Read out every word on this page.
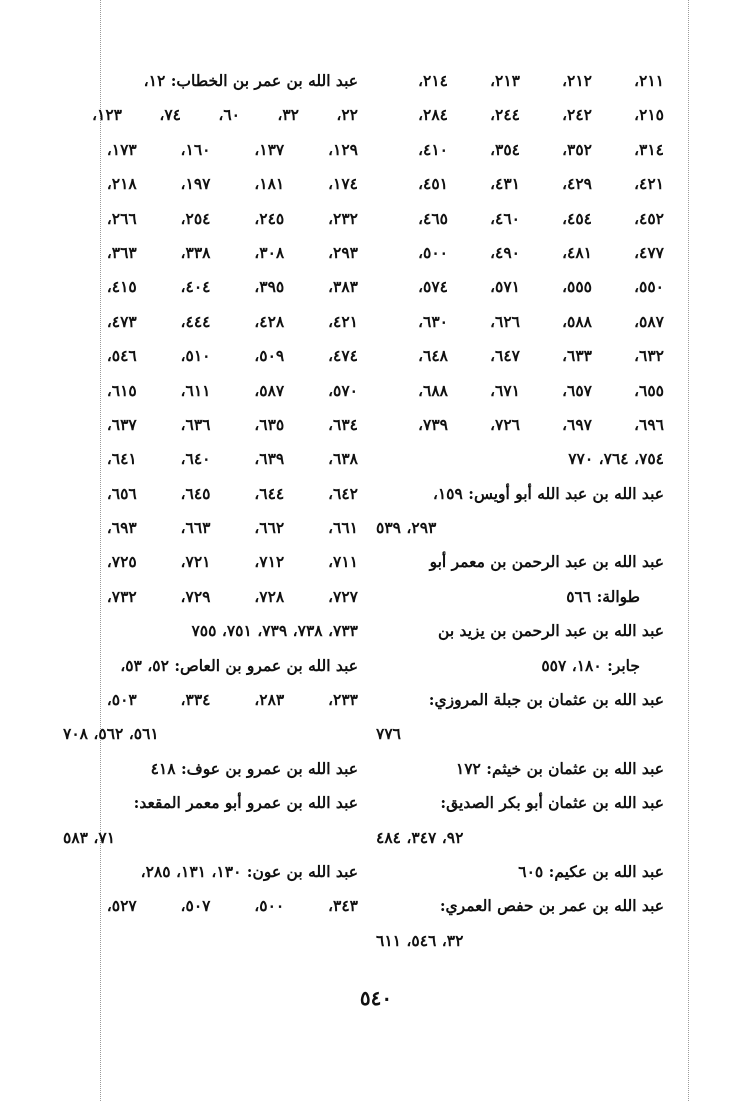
٢١١،
٢١٢،
٢١٣،
٢١٤،
٢١٥،
٢٤٢،
٢٤٤،
٢٨٤،
٣١٤،
٣٥٢،
٣٥٤،
٤١٠،
٤٢١،
٤٢٩،
٤٣١،
٤٥١،
٤٥٢،
٤٥٤،
٤٦٠،
٤٦٥،
٤٧٧،
٤٨١،
٤٩٠،
٥٠٠،
٥٥٠،
٥٥٥،
٥٧١،
٥٧٤،
٥٨٧،
٥٨٨،
٦٢٦،
٦٣٠،
٦٣٢،
٦٣٣،
٦٤٧،
٦٤٨،
٦٥٥،
٦٥٧،
٦٧١،
٦٨٨،
٦٩٦،
٦٩٧،
٧٢٦،
٧٣٩،
٧٥٤، ٧٦٤، ٧٧٠
عبد الله بن عبد الله أبو أويس: ١٥٩،
٢٩٣، ٥٣٩
عبد الله بن عبد الرحمن بن معمر أبو
طوالة: ٥٦٦
عبد الله بن عبد الرحمن بن يزيد بن
جابر: ١٨٠، ٥٥٧
عبد الله بن عثمان بن جبلة المروزي:
٧٧٦
عبد الله بن عثمان بن خيثم: ١٧٢
عبد الله بن عثمان أبو بكر الصديق:
٩٢، ٣٤٧، ٤٨٤
عبد الله بن عكيم: ٦٠٥
عبد الله بن عمر بن حفص العمري:
٣٢، ٥٤٦، ٦١١
عبد الله بن عمر بن الخطاب: ١٢،
٢٢،
٣٢،
٦٠،
٧٤،
١٢٣،
١٢٩،
١٣٧،
١٦٠،
١٧٣،
١٧٤،
١٨١،
١٩٧،
٢١٨،
٢٣٢،
٢٤٥،
٢٥٤،
٢٦٦،
٢٩٣،
٣٠٨،
٣٣٨،
٣٦٣،
٣٨٣،
٣٩٥،
٤٠٤،
٤١٥،
٤٢١،
٤٢٨،
٤٤٤،
٤٧٣،
٤٧٤،
٥٠٩،
٥١٠،
٥٤٦،
٥٧٠،
٥٨٧،
٦١١،
٦١٥،
٦٣٤،
٦٣٥،
٦٣٦،
٦٣٧،
٦٣٨،
٦٣٩،
٦٤٠،
٦٤١،
٦٤٢،
٦٤٤،
٦٤٥،
٦٥٦،
٦٦١،
٦٦٢،
٦٦٣،
٦٩٣،
٧١١،
٧١٢،
٧٢١،
٧٢٥،
٧٢٧،
٧٢٨،
٧٢٩،
٧٣٢،
٧٣٣، ٧٣٨، ٧٣٩، ٧٥١، ٧٥٥
عبد الله بن عمرو بن العاص: ٥٢، ٥٣،
٢٣٣،
٢٨٣،
٣٣٤،
٥٠٣،
٥٦١، ٥٦٢، ٧٠٨
عبد الله بن عمرو بن عوف: ٤١٨
عبد الله بن عمرو أبو معمر المقعد:
٧١، ٥٨٣
عبد الله بن عون: ١٣٠، ١٣١، ٢٨٥،
٣٤٣،
٥٠٠،
٥٠٧،
٥٢٧،
٥٤٠
